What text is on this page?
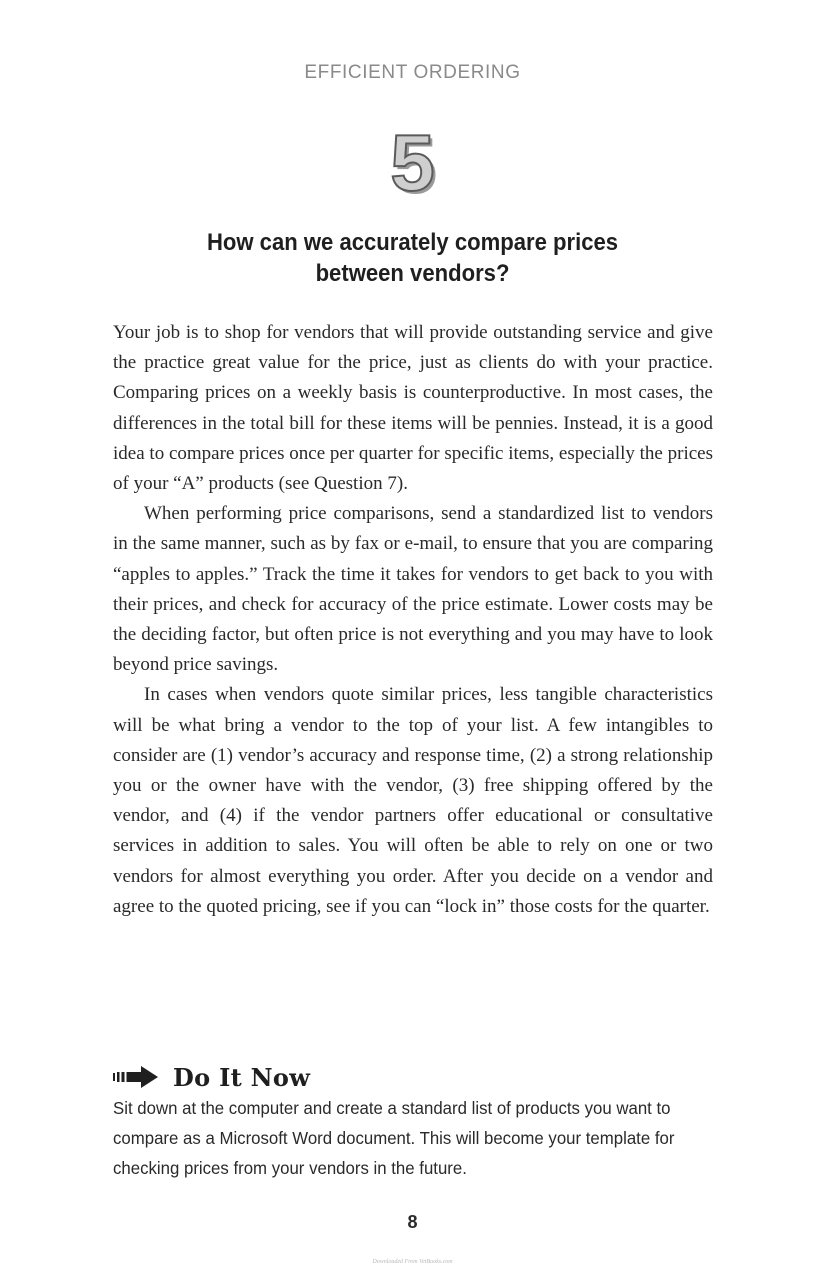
EFFICIENT ORDERING
5
How can we accurately compare prices between vendors?

Your job is to shop for vendors that will provide outstanding service and give the practice great value for the price, just as clients do with your practice. Comparing prices on a weekly basis is counterproductive. In most cases, the differences in the total bill for these items will be pennies. Instead, it is a good idea to compare prices once per quarter for specific items, especially the prices of your “A” products (see Question 7).

When performing price comparisons, send a standardized list to vendors in the same manner, such as by fax or e-mail, to ensure that you are comparing “apples to apples.” Track the time it takes for vendors to get back to you with their prices, and check for accuracy of the price estimate. Lower costs may be the deciding factor, but often price is not everything and you may have to look beyond price savings.

In cases when vendors quote similar prices, less tangible characteristics will be what bring a vendor to the top of your list. A few intangibles to consider are (1) vendor’s accuracy and response time, (2) a strong relationship you or the owner have with the vendor, (3) free shipping offered by the vendor, and (4) if the vendor partners offer educational or consultative services in addition to sales. You will often be able to rely on one or two vendors for almost everything you order. After you decide on a vendor and agree to the quoted pricing, see if you can “lock in” those costs for the quarter.

Do It Now

Sit down at the computer and create a standard list of products you want to compare as a Microsoft Word document. This will become your template for checking prices from your vendors in the future.

8
Downloaded From VetBooks.com
